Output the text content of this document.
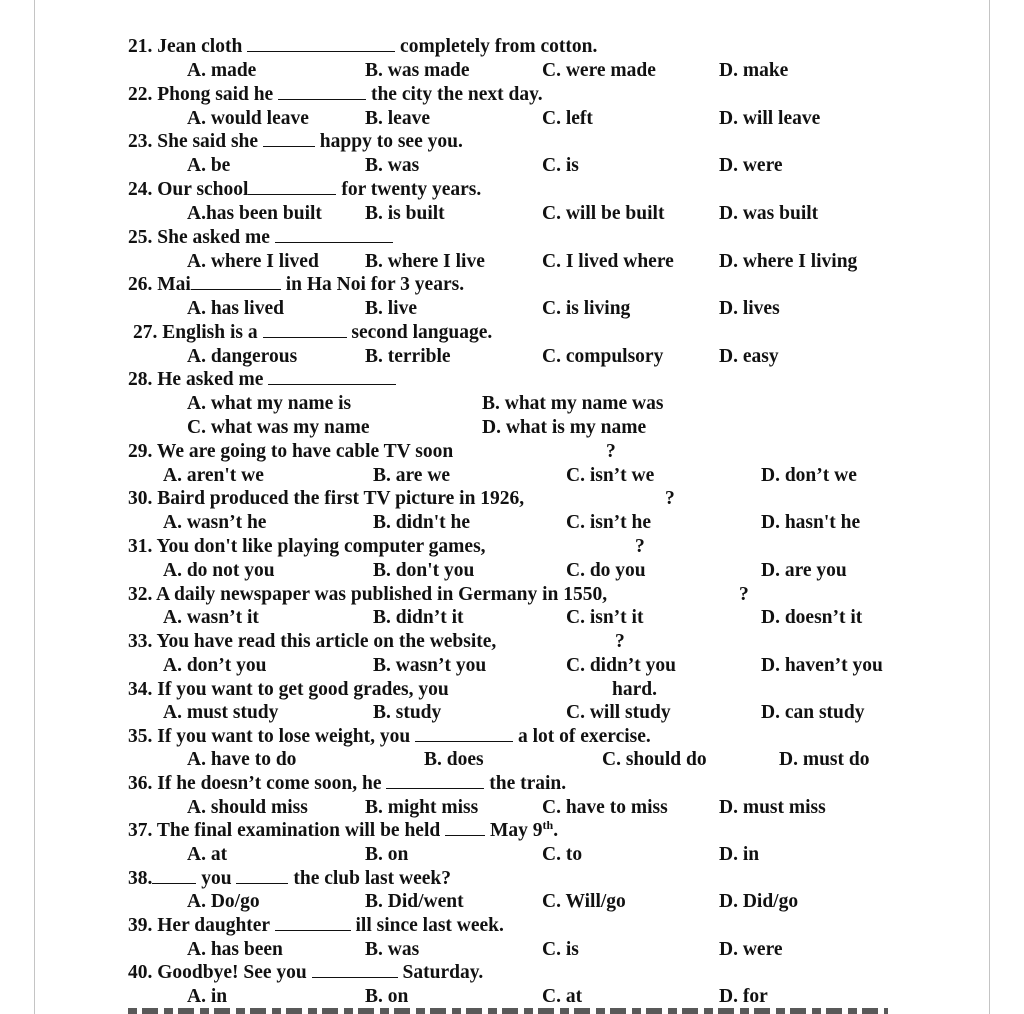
21. Jean cloth	completely from cotton.
A. made	B. was made	C. were made	D. make
22. Phong said he	the city the next day.
A. would leave	B. leave	C. left	D. will leave
23. She said she	happy to see you.
A. be	B. was	C. is	D. were
24. Our school	for twenty years.
A.has been built B. is built	C. will be built	D. was built
25. She asked me
A. where I lived B. where I live	C. I lived where D. where I living
26. Mai	in Ha Noi for 3 years.
A. has lived	B. live	C. is living	D. lives
27. English is a	second language.
A. dangerous	B. terrible	C. compulsory	D. easy
28. He asked me
A. what my name is	B. what my name was
C. what was my name	D. what is my name
29. We are going to have cable TV soon	?
A. aren't we	B. are we	C. isn’t we	D. don’t we
30. Baird produced the first TV picture in 1926,	?
A. wasn’t he	B. didn't he	C. isn’t he	D. hasn't he
31. You don't like playing computer games,	?
A. do not you	B. don't you	C. do you	D. are you
32. A daily newspaper was published in Germany in 1550,	?
A. wasn’t it	B. didn’t it	C. isn’t it	D. doesn’t it
33. You have read this article on the website,	?
A. don’t you	B. wasn’t you	C. didn’t you	D. haven’t you
34. If you want to get good grades, you	hard.
A. must study	B. study	C. will study	D. can study
35. If you want to lose weight, you	a lot of exercise.
A. have to do	B. does	C. should do	D. must do
36. If he doesn’t come soon, he	the train.
A. should miss	B. might miss	C. have to miss	D. must miss
37. The final examination will be held	May 9th.
A. at	B. on	C. to	D. in
38.	you	the club last week?
A. Do/go	B. Did/went	C. Will/go	D. Did/go
39. Her daughter	ill since last week.
A. has been	B. was	C. is	D. were
40. Goodbye! See you	Saturday.
A. in	B. on	C. at	D. for
